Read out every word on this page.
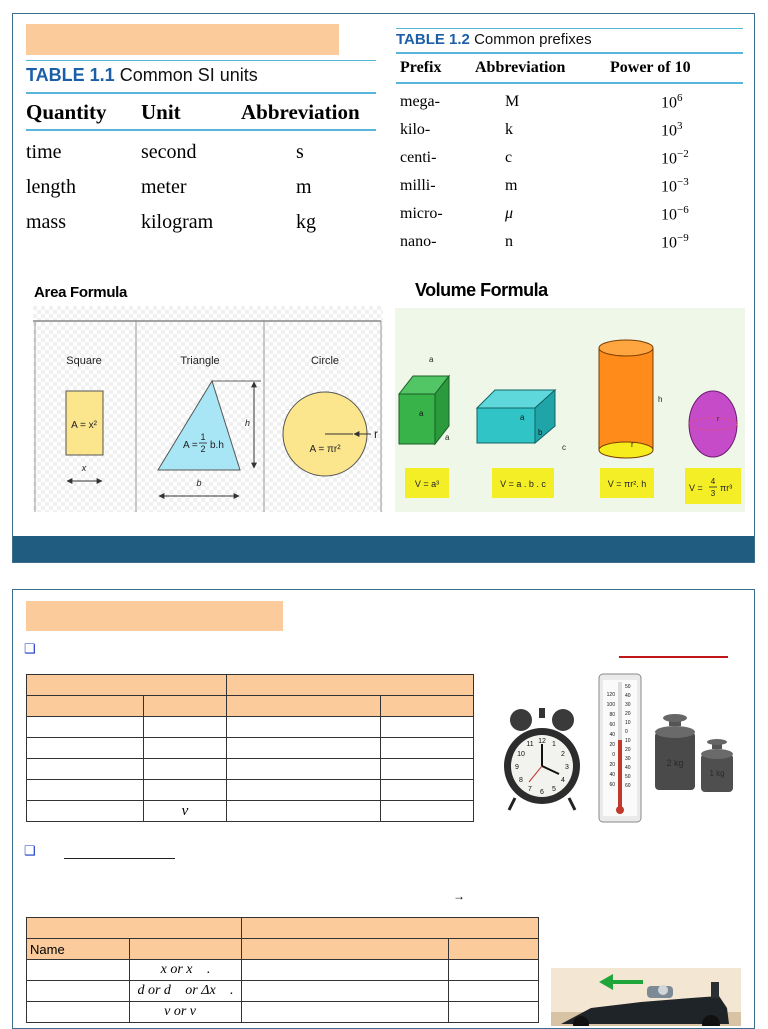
TABLE 1.1 Common SI units
Quantity	Unit	Abbreviation
time	second	s
length	meter	m
mass	kilogram	kg
TABLE 1.2 Common prefixes
Prefix	Abbreviation	Power of 10
mega-	M	$10^6$
kilo-	k	$10^3$
centi-	c	$10^{-2}$
milli-	m	$10^{-3}$
micro-	μ	$10^{-6}$
nano-	n	$10^{-9}$
Area Formula
Square
A = x²
x
Triangle
A =
1
2 b.h
h
b
Circle
r
A = πr²
Volume Formula
a
a
a
V = a³
a
b
c
V = a . b . c
h
r
V = πr². h
r
V =
4
3
πr³
❑

	v		
12 1
2
3
4
5
6
7
8
9
10
11
120
100
80
60
40
20
0
20
40
60
50
40
30
20
10
0
10
20
30
40
50
60
2 kg
1 kg
❑
→

Name			
	x or x⃗ .		
	d or d⃗ or Δx⃗ .		
	v or v⃗		
